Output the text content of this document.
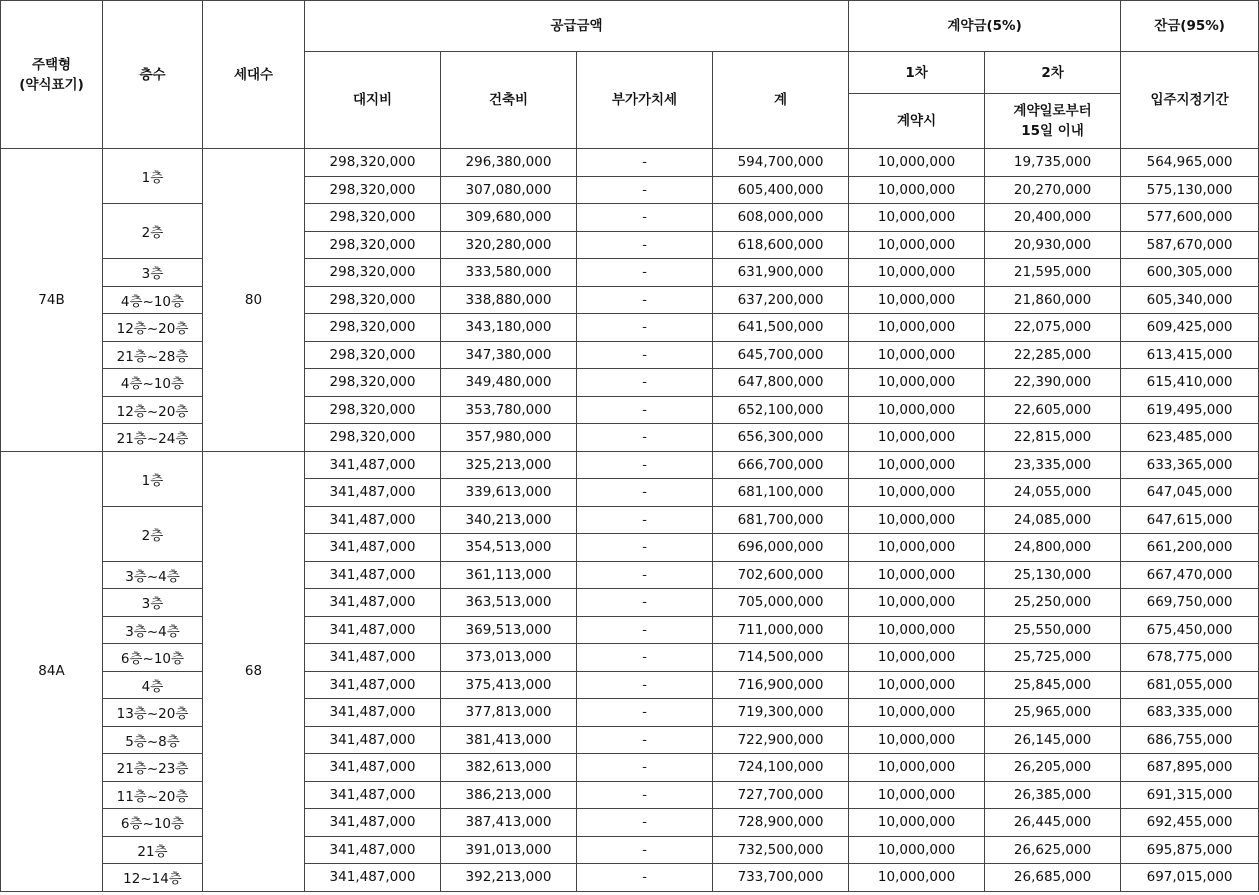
주택형
(약식표기)	층수	세대수	공급금액				계약금(5%)		잔금(95%)
			대지비	건축비	부가가치세	계	1차	2차	입주지정기간
							계약시	계약일로부터
15일 이내	
74B	1층	80	298,320,000	296,380,000	-	594,700,000	10,000,000	19,735,000	564,965,000
			298,320,000	307,080,000	-	605,400,000	10,000,000	20,270,000	575,130,000
	2층		298,320,000	309,680,000	-	608,000,000	10,000,000	20,400,000	577,600,000
			298,320,000	320,280,000	-	618,600,000	10,000,000	20,930,000	587,670,000
	3층		298,320,000	333,580,000	-	631,900,000	10,000,000	21,595,000	600,305,000
	4층~10층		298,320,000	338,880,000	-	637,200,000	10,000,000	21,860,000	605,340,000
	12층~20층		298,320,000	343,180,000	-	641,500,000	10,000,000	22,075,000	609,425,000
	21층~28층		298,320,000	347,380,000	-	645,700,000	10,000,000	22,285,000	613,415,000
	4층~10층		298,320,000	349,480,000	-	647,800,000	10,000,000	22,390,000	615,410,000
	12층~20층		298,320,000	353,780,000	-	652,100,000	10,000,000	22,605,000	619,495,000
	21층~24층		298,320,000	357,980,000	-	656,300,000	10,000,000	22,815,000	623,485,000
84A	1층	68	341,487,000	325,213,000	-	666,700,000	10,000,000	23,335,000	633,365,000
			341,487,000	339,613,000	-	681,100,000	10,000,000	24,055,000	647,045,000
	2층		341,487,000	340,213,000	-	681,700,000	10,000,000	24,085,000	647,615,000
			341,487,000	354,513,000	-	696,000,000	10,000,000	24,800,000	661,200,000
	3층~4층		341,487,000	361,113,000	-	702,600,000	10,000,000	25,130,000	667,470,000
	3층		341,487,000	363,513,000	-	705,000,000	10,000,000	25,250,000	669,750,000
	3층~4층		341,487,000	369,513,000	-	711,000,000	10,000,000	25,550,000	675,450,000
	6층~10층		341,487,000	373,013,000	-	714,500,000	10,000,000	25,725,000	678,775,000
	4층		341,487,000	375,413,000	-	716,900,000	10,000,000	25,845,000	681,055,000
	13층~20층		341,487,000	377,813,000	-	719,300,000	10,000,000	25,965,000	683,335,000
	5층~8층		341,487,000	381,413,000	-	722,900,000	10,000,000	26,145,000	686,755,000
	21층~23층		341,487,000	382,613,000	-	724,100,000	10,000,000	26,205,000	687,895,000
	11층~20층		341,487,000	386,213,000	-	727,700,000	10,000,000	26,385,000	691,315,000
	6층~10층		341,487,000	387,413,000	-	728,900,000	10,000,000	26,445,000	692,455,000
	21층		341,487,000	391,013,000	-	732,500,000	10,000,000	26,625,000	695,875,000
	12~14층		341,487,000	392,213,000	-	733,700,000	10,000,000	26,685,000	697,015,000
